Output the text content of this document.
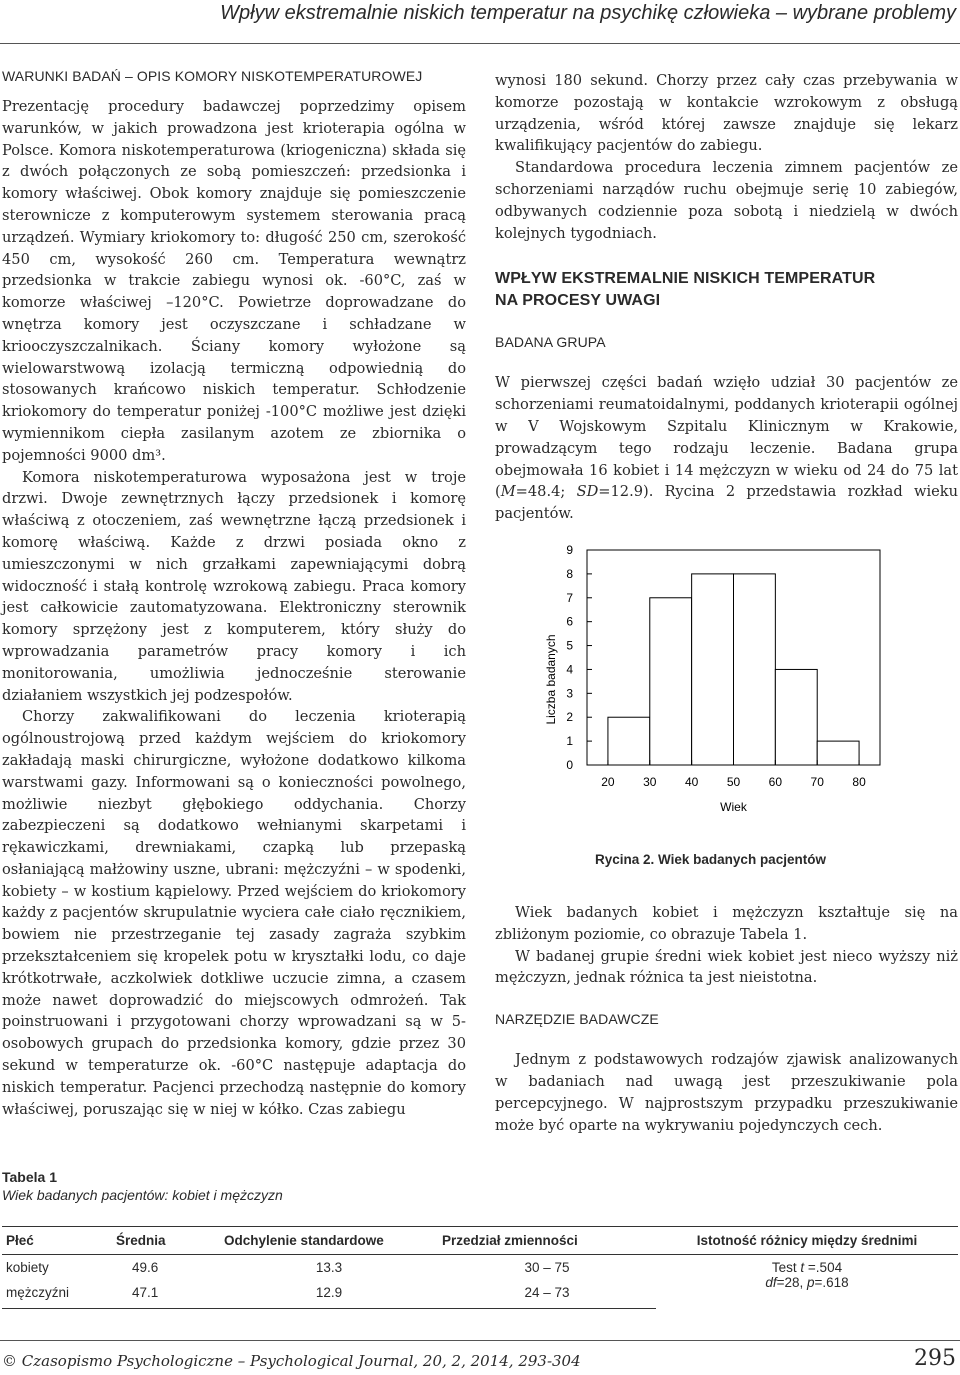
Wpływ ekstremalnie niskich temperatur na psychikę człowieka – wybrane problemy
WARUNKI BADAŃ – OPIS KOMORY NISKOTEMPERATUROWEJ

Prezentację procedury badawczej poprzedzimy opisem warunków, w jakich prowadzona jest krioterapia ogólna w Polsce. Komora niskotemperaturowa (kriogeniczna) składa się z dwóch połączonych ze sobą pomieszczeń: przedsionka i komory właściwej. Obok komory znajduje się pomieszczenie sterownicze z komputerowym systemem sterowania pracą urządzeń. Wymiary kriokomory to: długość 250 cm, szerokość 450 cm, wysokość 260 cm. Temperatura wewnątrz przedsionka w trakcie zabiegu wynosi ok. -60°C, zaś w komorze właściwej –120°C. Powietrze doprowadzane do wnętrza komory jest oczyszczane i schładzane w kriooczyszczalnikach. Ściany komory wyłożone są wielowarstwową izolacją termiczną odpowiednią do stosowanych krańcowo niskich temperatur. Schłodzenie kriokomory do temperatur poniżej -100°C możliwe jest dzięki wymiennikom ciepła zasilanym azotem ze zbiornika o pojemności 9000 dm³.

Komora niskotemperaturowa wyposażona jest w troje drzwi. Dwoje zewnętrznych łączy przedsionek i komorę właściwą z otoczeniem, zaś wewnętrzne łączą przedsionek i komorę właściwą. Każde z drzwi posiada okno z umieszczonymi w nich grzałkami zapewniającymi dobrą widoczność i stałą kontrolę wzrokową zabiegu. Praca komory jest całkowicie zautomatyzowana. Elektroniczny sterownik komory sprzężony jest z komputerem, który służy do wprowadzania parametrów pracy komory i ich monitorowania, umożliwia jednocześnie sterowanie działaniem wszystkich jej podzespołów.

Chorzy zakwalifikowani do leczenia krioterapią ogólnoustrojową przed każdym wejściem do kriokomory zakładają maski chirurgiczne, wyłożone dodatkowo kilkoma warstwami gazy. Informowani są o konieczności powolnego, możliwie niezbyt głębokiego oddychania. Chorzy zabezpieczeni są dodatkowo wełnianymi skarpetami i rękawiczkami, drewniakami, czapką lub przepaską osłaniającą małżowiny uszne, ubrani: mężczyźni – w spodenki, kobiety – w kostium kąpielowy. Przed wejściem do kriokomory każdy z pacjentów skrupulatnie wyciera całe ciało ręcznikiem, bowiem nie przestrzeganie tej zasady zagraża szybkim przekształceniem się kropelek potu w kryształki lodu, co daje krótkotrwałe, aczkolwiek dotkliwe uczucie zimna, a czasem może nawet doprowadzić do miejscowych odmrożeń. Tak poinstruowani i przygotowani chorzy wprowadzani są w 5-osobowych grupach do przedsionka komory, gdzie przez 30 sekund w temperaturze ok. -60°C następuje adaptacja do niskich temperatur. Pacjenci przechodzą następnie do komory właściwej, poruszając się w niej w kółko. Czas zabiegu

wynosi 180 sekund. Chorzy przez cały czas przebywania w komorze pozostają w kontakcie wzrokowym z obsługą urządzenia, wśród której zawsze znajduje się lekarz kwalifikujący pacjentów do zabiegu.

Standardowa procedura leczenia zimnem pacjentów ze schorzeniami narządów ruchu obejmuje serię 10 zabiegów, odbywanych codziennie poza sobotą i niedzielą w dwóch kolejnych tygodniach.

WPŁYW EKSTREMALNIE NISKICH TEMPERATUR
NA PROCESY UWAGI
BADANA GRUPA

W pierwszej części badań wzięło udział 30 pacjentów ze schorzeniami reumatoidalnymi, poddanych krioterapii ogólnej w V Wojskowym Szpitalu Klinicznym w Krakowie, prowadzącym tego rodzaju leczenie. Badana grupa obejmowała 16 kobiet i 14 mężczyzn w wieku od 24 do 75 lat (M=48.4; SD=12.9). Rycina 2 przedstawia rozkład wieku pacjentów.

0
1
2
3
4
5
6
7
8
9
20 30 40 50 60 70 80
Wiek
Liczba badanych
Rycina 2. Wiek badanych pacjentów

Wiek badanych kobiet i mężczyzn kształtuje się na zbliżonym poziomie, co obrazuje Tabela 1.

W badanej grupie średni wiek kobiet jest nieco wyższy niż mężczyzn, jednak różnica ta jest nieistotna.

NARZĘDZIE BADAWCZE

Jednym z podstawowych rodzajów zjawisk analizowanych w badaniach nad uwagą jest przeszukiwanie pola percepcyjnego. W najprostszym przypadku przeszukiwanie może być oparte na wykrywaniu pojedynczych cech.

Tabela 1
Wiek badanych pacjentów: kobiet i mężczyzn
Płeć	Średnia	Odchylenie standardowe	Przedział zmienności	Istotność różnicy między średnimi
kobiety	49.6	13.3	30 – 75	Test t =.504
df=28, p=.618

mężczyźni	47.1	12.9	24 – 73	
© Czasopismo Psychologiczne – Psychological Journal, 20, 2, 2014, 293-304	295
